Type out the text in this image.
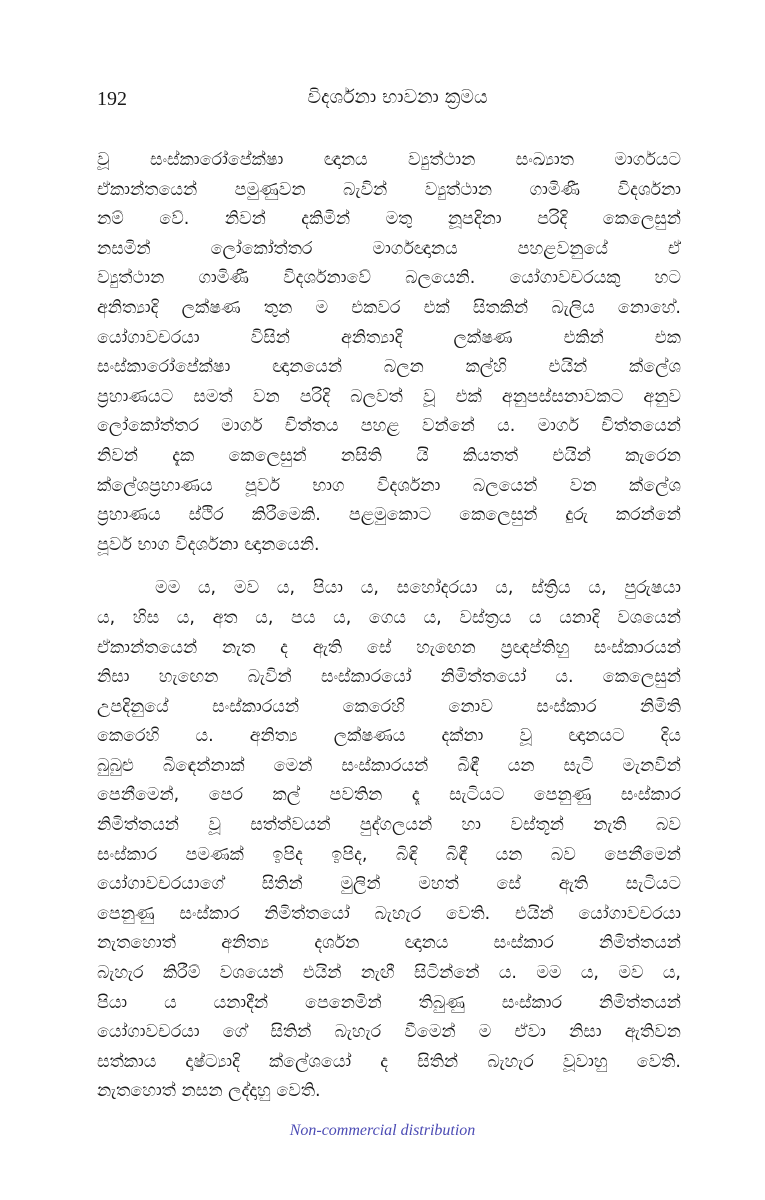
192	විදර්ශනා භාවනා ක්‍රමය
වූ සංස්කාරෝපේක්ෂා ඥානය ව්‍යුත්ථාන සංඛ්‍යාත මාර්ගයට
ඒකාන්තයෙන් පමුණුවන බැවින් ව්‍යුත්ථාන ගාමිණී විදර්ශනා
නම් වේ. නිවන් දකිමින් මතු නූපදිනා පරිදි කෙලෙසුන්
නසමින් ලෝකෝත්තර මාර්ගඥානය පහළවනුයේ ඒ
ව්‍යුත්ථාන ගාමිණී විදර්ශනාවේ බලයෙනි. යෝගාවචරයකු හට
අනිත්‍යාදි ලක්ෂණ තුන ම එකවර එක් සිතකින් බැලිය නොහේ.
යෝගාවචරයා විසින් අනිත්‍යාදි ලක්ෂණ එකින් එක
සංස්කාරෝපේක්ෂා ඥානයෙන් බලන කල්හි එයින් ක්ලේශ
ප්‍රහාණයට සමත් වන පරිදි බලවත් වූ එක් අනුපස්සනාවකට අනුව
ලෝකෝත්තර මාර්ග චිත්තය පහළ වන්නේ ය. මාර්ග චිත්තයෙන්
නිවන් දැක කෙලෙසුන් නසිති යි කියතත් එයින් කැරෙන
ක්ලේශප්‍රහාණය පූර්ව භාග විදර්ශනා බලයෙන් වන ක්ලේශ
ප්‍රහාණය ස්ථිර කිරීමෙකි. පළමුකොට කෙලෙසුන් දුරු කරන්නේ
පූර්ව භාග විදර්ශනා ඥානයෙනි.
මම ය, මව ය, පියා ය, සහෝදරයා ය, ස්ත්‍රිය ය, පුරුෂයා
ය, හිස ය, අත ය, පය ය, ගෙය ය, වස්ත්‍රය ය යනාදි වශයෙන්
ඒකාන්තයෙන් නැත ද ඇති සේ හැඟෙන ප්‍රඥප්තිහු සංස්කාරයන්
නිසා හැඟෙන බැවින් සංස්කාරයෝ නිමිත්තයෝ ය. කෙලෙසුන්
උපදිනුයේ සංස්කාරයන් කෙරෙහි නොව සංස්කාර නිමිති
කෙරෙහි ය. අනිත්‍ය ලක්ෂණය දක්නා වූ ඥානයට දිය
බුබුළු බිඳෙන්නාක් මෙන් සංස්කාරයන් බිඳී යන සැටි මැනවින්
පෙනීමෙන්, පෙර කල් පවතින දෑ සැටියට පෙනුණු සංස්කාර
නිමිත්තයන් වූ සත්ත්වයන් පුද්ගලයන් හා වස්තූන් නැති බව
සංස්කාර පමණක් ඉපිද ඉපිද, බිඳි බිඳී යන බව පෙනීමෙන්
යෝගාවචරයාගේ සිතින් මුලින් මහත් සේ ඇති සැටියට
පෙනුණු සංස්කාර නිමිත්තයෝ බැහැර වෙති. එයින් යෝගාවචරයා
නැතහොත් අනිත්‍ය දර්ශන ඥානය සංස්කාර නිමිත්තයන්
බැහැර කිරීම් වශයෙන් එයින් නැඟී සිටින්නේ ය. මම ය, මව ය,
පියා ය යනාදීන් පෙනෙමින් තිබුණු සංස්කාර නිමිත්තයන්
යෝගාවචරයා ගේ සිතින් බැහැර වීමෙන් ම ඒවා නිසා ඇතිවන
සත්කාය දෘෂ්ට්‍යාදි ක්ලේශයෝ ද සිතින් බැහැර වූවාහු වෙති.
නැතහොත් නසන ලද්දාහු වෙති.
Non-commercial distribution
